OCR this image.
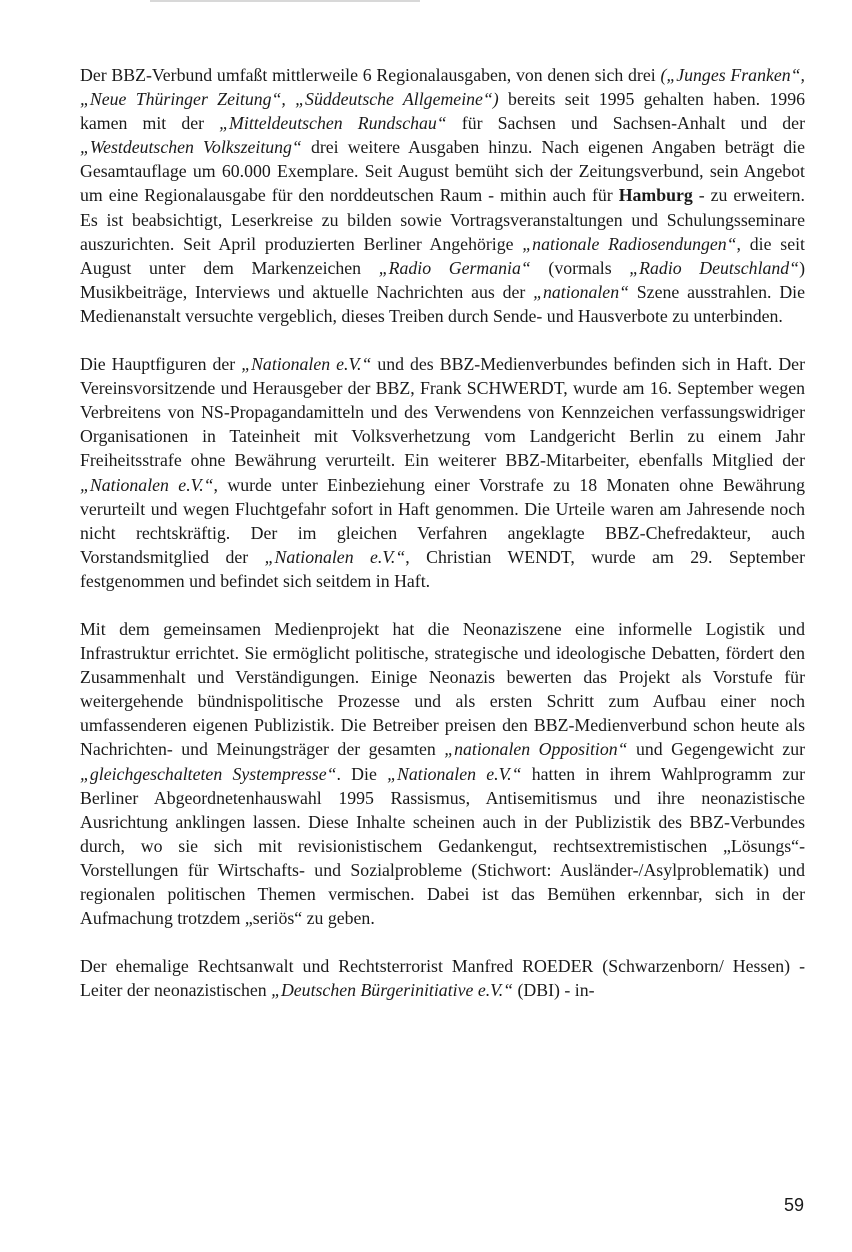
Der BBZ-Verbund umfaßt mittlerweile 6 Regionalausgaben, von denen sich drei („Junges Franken“, „Neue Thüringer Zeitung“, „Süddeutsche Allgemeine“) bereits seit 1995 gehalten haben. 1996 kamen mit der „Mitteldeutschen Rundschau“ für Sachsen und Sachsen-Anhalt und der „Westdeutschen Volkszeitung“ drei weitere Ausgaben hinzu. Nach eigenen Angaben beträgt die Gesamtauflage um 60.000 Exemplare. Seit August bemüht sich der Zeitungsverbund, sein Angebot um eine Regionalausgabe für den norddeutschen Raum - mithin auch für Hamburg - zu erweitern. Es ist beabsichtigt, Leserkreise zu bilden sowie Vortragsveranstaltungen und Schulungsseminare auszurichten. Seit April produzierten Berliner Angehörige „nationale Radiosendungen“, die seit August unter dem Markenzeichen „Radio Germania“ (vormals „Radio Deutschland“) Musikbeiträge, Interviews und aktuelle Nachrichten aus der „nationalen“ Szene ausstrahlen. Die Medienanstalt versuchte vergeblich, dieses Treiben durch Sende- und Hausverbote zu unterbinden.

Die Hauptfiguren der „Nationalen e.V.“ und des BBZ-Medienverbundes befinden sich in Haft. Der Vereinsvorsitzende und Herausgeber der BBZ, Frank SCHWERDT, wurde am 16. September wegen Verbreitens von NS-Propagandamitteln und des Verwendens von Kennzeichen verfassungswidriger Organisationen in Tateinheit mit Volksverhetzung vom Landgericht Berlin zu einem Jahr Freiheitsstrafe ohne Bewährung verurteilt. Ein weiterer BBZ-Mitarbeiter, ebenfalls Mitglied der „Nationalen e.V.“, wurde unter Einbeziehung einer Vorstrafe zu 18 Monaten ohne Bewährung verurteilt und wegen Fluchtgefahr sofort in Haft genommen. Die Urteile waren am Jahresende noch nicht rechtskräftig. Der im gleichen Verfahren angeklagte BBZ-Chefredakteur, auch Vorstandsmitglied der „Nationalen e.V.“, Christian WENDT, wurde am 29. September festgenommen und befindet sich seitdem in Haft.

Mit dem gemeinsamen Medienprojekt hat die Neonaziszene eine informelle Logistik und Infrastruktur errichtet. Sie ermöglicht politische, strategische und ideologische Debatten, fördert den Zusammenhalt und Verständigungen. Einige Neonazis bewerten das Projekt als Vorstufe für weitergehende bündnispolitische Prozesse und als ersten Schritt zum Aufbau einer noch umfassenderen eigenen Publizistik. Die Betreiber preisen den BBZ-Medienverbund schon heute als Nachrichten- und Meinungsträger der gesamten „nationalen Opposition“ und Gegengewicht zur „gleichgeschalteten Systempresse“. Die „Nationalen e.V.“ hatten in ihrem Wahlprogramm zur Berliner Abgeordnetenhauswahl 1995 Rassismus, Antisemitismus und ihre neonazistische Ausrichtung anklingen lassen. Diese Inhalte scheinen auch in der Publizistik des BBZ-Verbundes durch, wo sie sich mit revisionistischem Gedankengut, rechtsextremistischen „Lösungs“-Vorstellungen für Wirtschafts- und Sozialprobleme (Stichwort: Ausländer-/Asylproblematik) und regionalen politischen Themen vermischen. Dabei ist das Bemühen erkennbar, sich in der Aufmachung trotzdem „seriös“ zu geben.

Der ehemalige Rechtsanwalt und Rechtsterrorist Manfred ROEDER (Schwarzenborn/ Hessen) - Leiter der neonazistischen „Deutschen Bürgerinitiative e.V.“ (DBI) - in-

59
